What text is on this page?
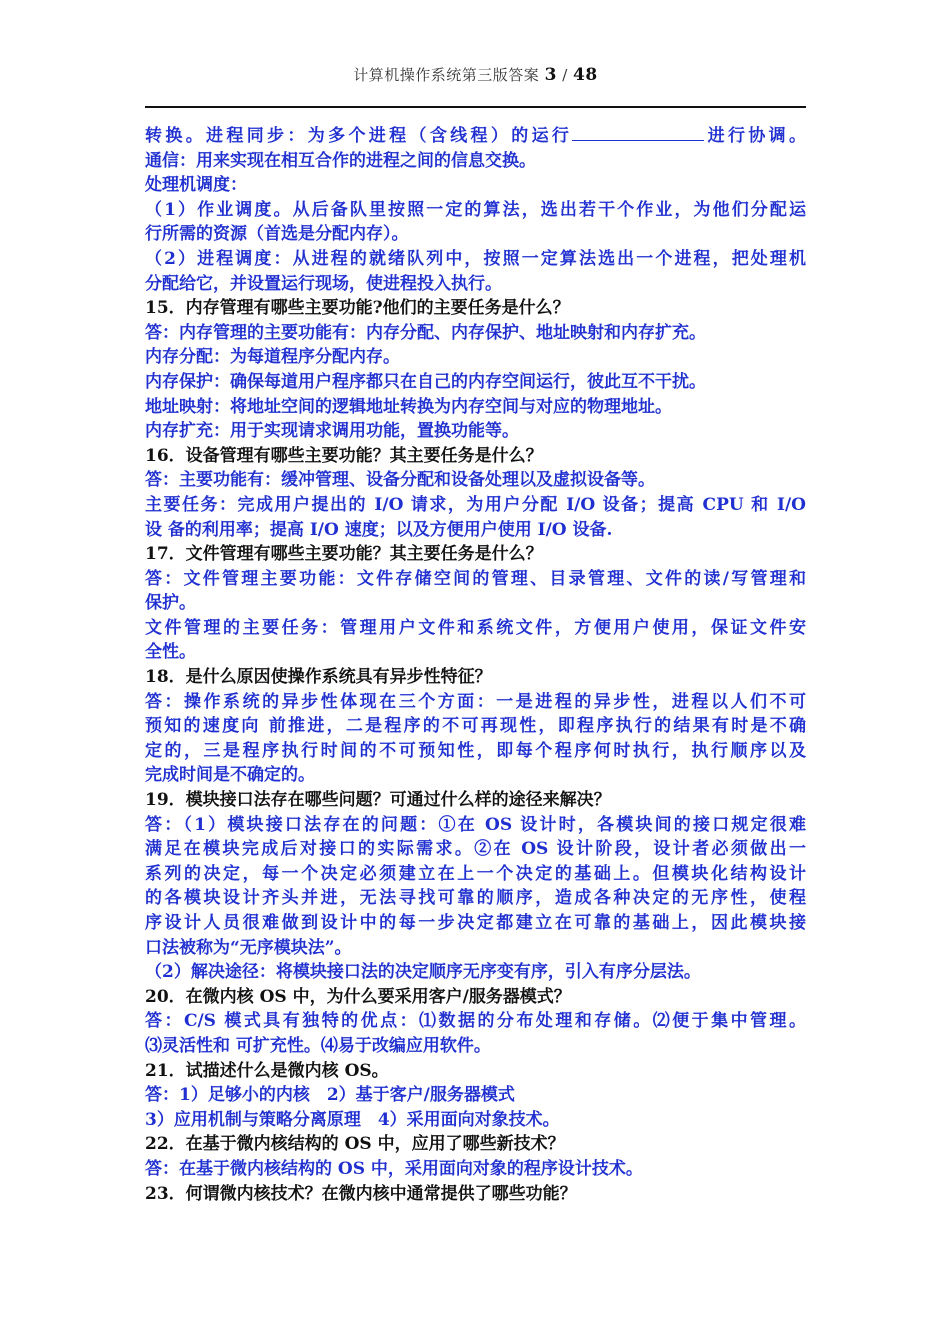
计算机操作系统第三版答案 3 / 48
转换。进程同步：为多个进程（含线程）的运行	进行协调。
通信：用来实现在相互合作的进程之间的信息交换。
处理机调度：
（1）作业调度。从后备队里按照一定的算法，选出若干个作业，为他们分配运
行所需的资源（首选是分配内存）。
（2）进程调度：从进程的就绪队列中，按照一定算法选出一个进程，把处理机
分配给它，并设置运行现场，使进程投入执行。
15．内存管理有哪些主要功能?他们的主要任务是什么？
答：内存管理的主要功能有：内存分配、内存保护、地址映射和内存扩充。
内存分配：为每道程序分配内存。
内存保护：确保每道用户程序都只在自己的内存空间运行，彼此互不干扰。
地址映射：将地址空间的逻辑地址转换为内存空间与对应的物理地址。
内存扩充：用于实现请求调用功能，置换功能等。
16．设备管理有哪些主要功能？其主要任务是什么？
答：主要功能有：缓冲管理、设备分配和设备处理以及虚拟设备等。
主要任务：完成用户提出的 I/O 请求，为用户分配 I/O 设备；提高 CPU 和 I/O
设 备的利用率；提高 I/O 速度；以及方便用户使用 I/O 设备.
17．文件管理有哪些主要功能？其主要任务是什么？
答：文件管理主要功能：文件存储空间的管理、目录管理、文件的读/写管理和
保护。
文件管理的主要任务：管理用户文件和系统文件，方便用户使用，保证文件安
全性。
18．是什么原因使操作系统具有异步性特征？
答：操作系统的异步性体现在三个方面：一是进程的异步性，进程以人们不可
预知的速度向 前推进，二是程序的不可再现性，即程序执行的结果有时是不确
定的，三是程序执行时间的不可预知性，即每个程序何时执行，执行顺序以及
完成时间是不确定的。
19．模块接口法存在哪些问题？可通过什么样的途径来解决？
答：（1）模块接口法存在的问题：①在 OS 设计时，各模块间的接口规定很难
满足在模块完成后对接口的实际需求。②在 OS 设计阶段，设计者必须做出一
系列的决定，每一个决定必须建立在上一个决定的基础上。但模块化结构设计
的各模块设计齐头并进，无法寻找可靠的顺序，造成各种决定的无序性，使程
序设计人员很难做到设计中的每一步决定都建立在可靠的基础上，因此模块接
口法被称为“无序模块法”。
（2）解决途径：将模块接口法的决定顺序无序变有序，引入有序分层法。
20．在微内核 OS 中，为什么要采用客户/服务器模式？
答：C/S 模式具有独特的优点：⑴数据的分布处理和存储。⑵便于集中管理。
⑶灵活性和 可扩充性。⑷易于改编应用软件。
21．试描述什么是微内核 OS。
答：1）足够小的内核　2）基于客户/服务器模式
3）应用机制与策略分离原理　4）采用面向对象技术。
22．在基于微内核结构的 OS 中，应用了哪些新技术？
答：在基于微内核结构的 OS 中，采用面向对象的程序设计技术。
23．何谓微内核技术？在微内核中通常提供了哪些功能？
